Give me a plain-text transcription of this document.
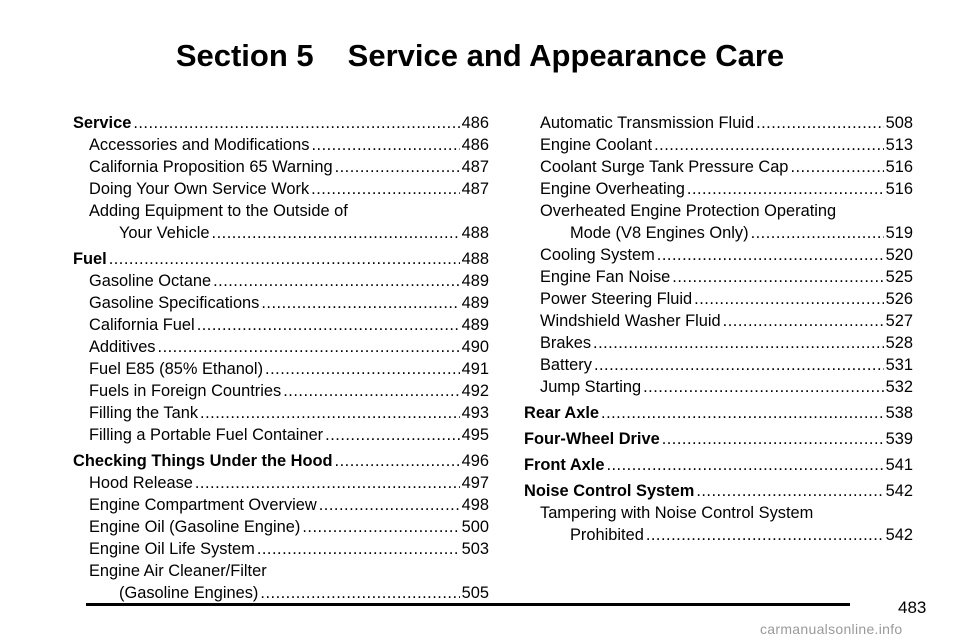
Section 5 Service and Appearance Care
Service .....	486
Accessories and Modifications .....	486
California Proposition 65 Warning .....	487
Doing Your Own Service Work .....	487
Adding Equipment to the Outside of
Your Vehicle .....	488
Fuel .....	488
Gasoline Octane .....	489
Gasoline Specifications .....	489
California Fuel .....	489
Additives .....	490
Fuel E85 (85% Ethanol) .....	491
Fuels in Foreign Countries .....	492
Filling the Tank .....	493
Filling a Portable Fuel Container .....	495
Checking Things Under the Hood .....	496
Hood Release .....	497
Engine Compartment Overview .....	498
Engine Oil (Gasoline Engine) .....	500
Engine Oil Life System .....	503
Engine Air Cleaner/Filter
(Gasoline Engines) .....	505
Automatic Transmission Fluid .....	508
Engine Coolant .....	513
Coolant Surge Tank Pressure Cap .....	516
Engine Overheating .....	516
Overheated Engine Protection Operating
Mode (V8 Engines Only) .....	519
Cooling System .....	520
Engine Fan Noise .....	525
Power Steering Fluid .....	526
Windshield Washer Fluid .....	527
Brakes .....	528
Battery .....	531
Jump Starting .....	532
Rear Axle .....	538
Four-Wheel Drive .....	539
Front Axle .....	541
Noise Control System .....	542
Tampering with Noise Control System
Prohibited .....	542
483
carmanualsonline.info
